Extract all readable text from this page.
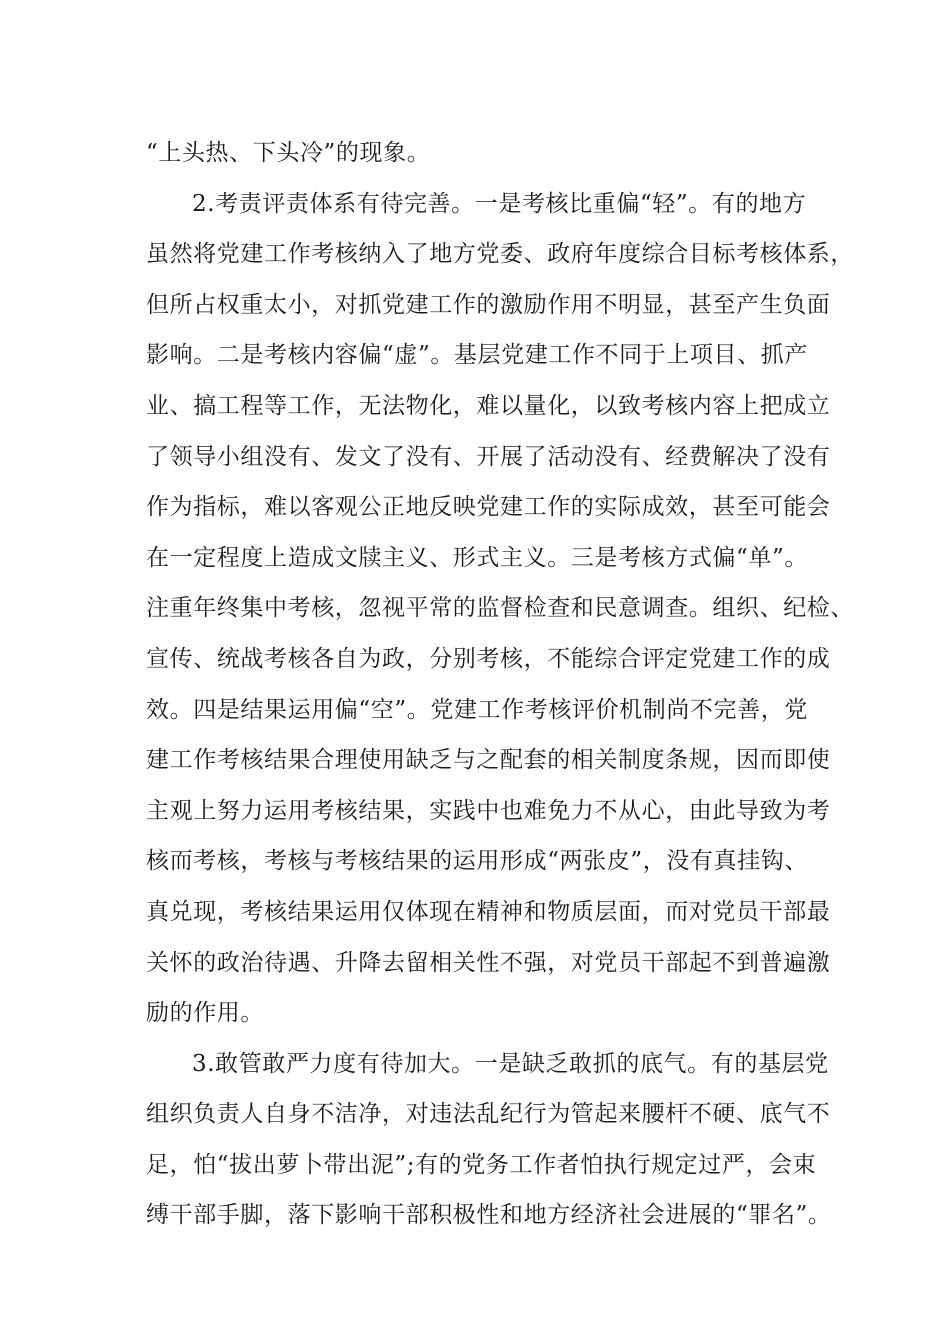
“上头热、下头冷”的现象。
2.考责评责体系有待完善。一是考核比重偏“轻”。有的地方
虽然将党建工作考核纳入了地方党委、政府年度综合目标考核体系，
但所占权重太小，对抓党建工作的激励作用不明显，甚至产生负面
影响。二是考核内容偏“虚”。基层党建工作不同于上项目、抓产
业、搞工程等工作，无法物化，难以量化，以致考核内容上把成立
了领导小组没有、发文了没有、开展了活动没有、经费解决了没有
作为指标，难以客观公正地反映党建工作的实际成效，甚至可能会
在一定程度上造成文牍主义、形式主义。三是考核方式偏“单”。
注重年终集中考核，忽视平常的监督检查和民意调查。组织、纪检、
宣传、统战考核各自为政，分别考核，不能综合评定党建工作的成
效。四是结果运用偏“空”。党建工作考核评价机制尚不完善，党
建工作考核结果合理使用缺乏与之配套的相关制度条规，因而即使
主观上努力运用考核结果，实践中也难免力不从心，由此导致为考
核而考核，考核与考核结果的运用形成“两张皮”，没有真挂钩、
真兑现，考核结果运用仅体现在精神和物质层面，而对党员干部最
关怀的政治待遇、升降去留相关性不强，对党员干部起不到普遍激
励的作用。
3.敢管敢严力度有待加大。一是缺乏敢抓的底气。有的基层党
组织负责人自身不洁净，对违法乱纪行为管起来腰杆不硬、底气不
足，怕“拔出萝卜带出泥”;有的党务工作者怕执行规定过严，会束
缚干部手脚，落下影响干部积极性和地方经济社会进展的“罪名”。
